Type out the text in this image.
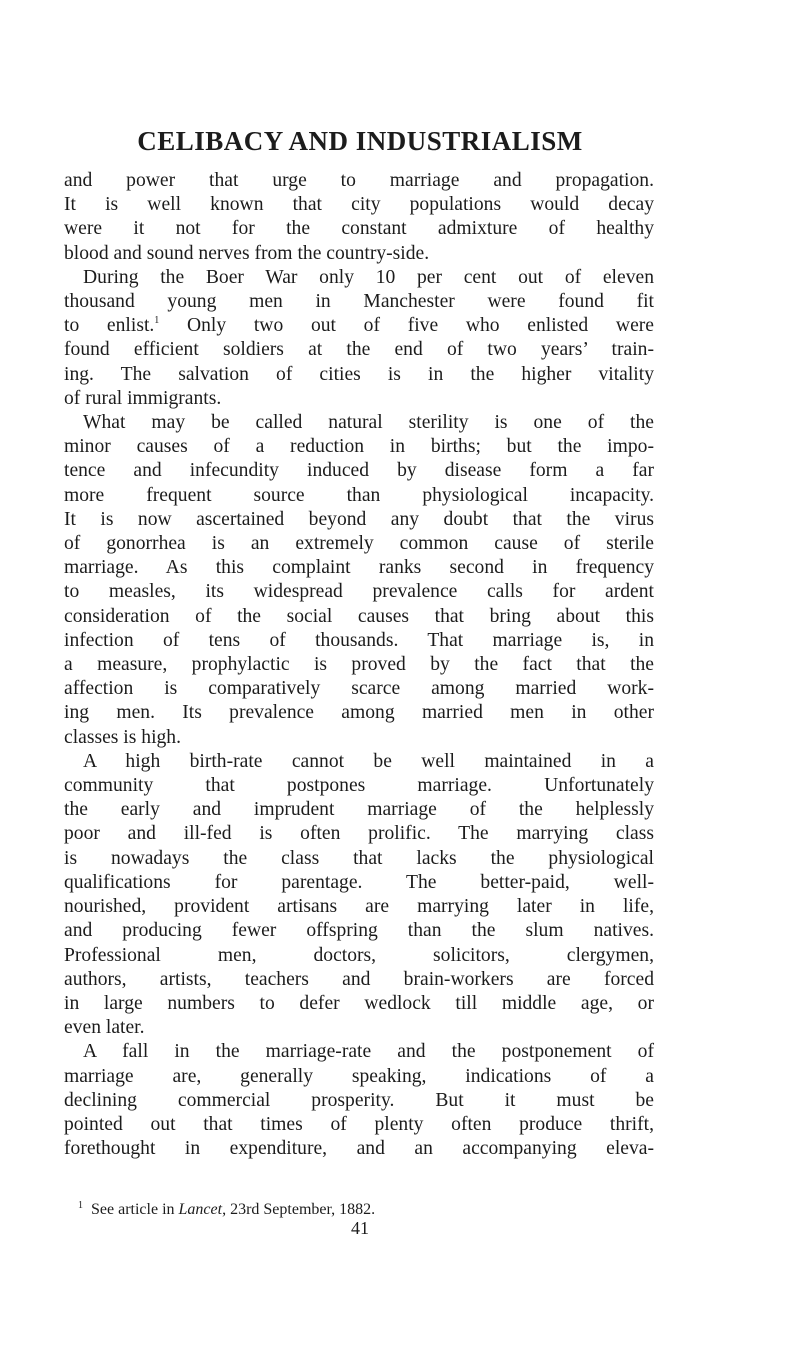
CELIBACY AND INDUSTRIALISM
and power that urge to marriage and propagation.
It is well known that city populations would decay
were it not for the constant admixture of healthy
blood and sound nerves from the country-side.
During the Boer War only 10 per cent out of eleven
thousand young men in Manchester were found fit
to enlist.$^1$ Only two out of five who enlisted were
found efficient soldiers at the end of two years’ train-
ing. The salvation of cities is in the higher vitality
of rural immigrants.
What may be called natural sterility is one of the
minor causes of a reduction in births; but the impo-
tence and infecundity induced by disease form a far
more frequent source than physiological incapacity.
It is now ascertained beyond any doubt that the virus
of gonorrhea is an extremely common cause of sterile
marriage. As this complaint ranks second in frequency
to measles, its widespread prevalence calls for ardent
consideration of the social causes that bring about this
infection of tens of thousands. That marriage is, in
a measure, prophylactic is proved by the fact that the
affection is comparatively scarce among married work-
ing men. Its prevalence among married men in other
classes is high.
A high birth-rate cannot be well maintained in a
community that postpones marriage. Unfortunately
the early and imprudent marriage of the helplessly
poor and ill-fed is often prolific. The marrying class
is nowadays the class that lacks the physiological
qualifications for parentage. The better-paid, well-
nourished, provident artisans are marrying later in life,
and producing fewer offspring than the slum natives.
Professional men, doctors, solicitors, clergymen,
authors, artists, teachers and brain-workers are forced
in large numbers to defer wedlock till middle age, or
even later.
A fall in the marriage-rate and the postponement of
marriage are, generally speaking, indications of a
declining commercial prosperity. But it must be
pointed out that times of plenty often produce thrift,
forethought in expenditure, and an accompanying eleva-
$^1$ See article in Lancet, 23rd September, 1882.
41
